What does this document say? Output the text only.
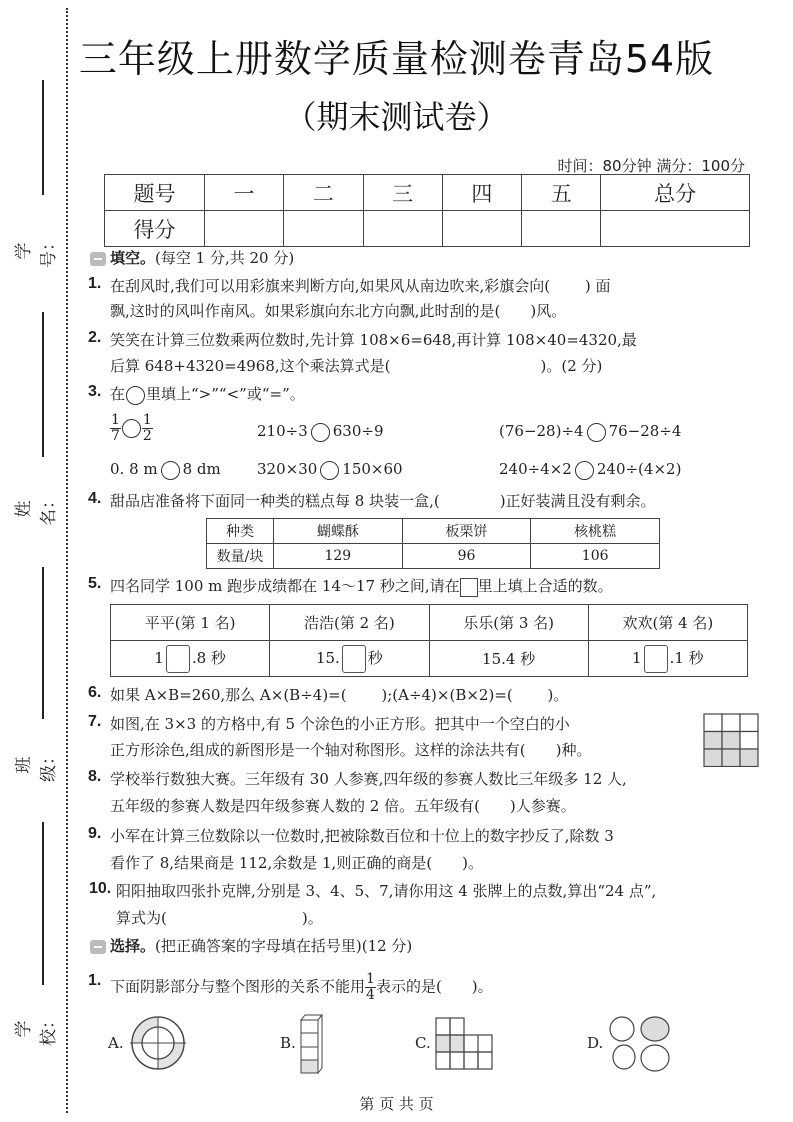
学号：
姓名：
班级：
学校：
三年级上册数学质量检测卷青岛54版
（期末测试卷）
时间：80分钟 满分：100分
题号	一	二	三	四	五	总分
得分						
填空。(每空 1 分,共 20 分)
1. 在刮风时,我们可以用彩旗来判断方向,如果风从南边吹来,彩旗会向(　　 ) 面
飘,这时的风叫作南风。如果彩旗向东北方向飘,此时刮的是(　　)风。
2. 笑笑在计算三位数乘两位数时,先计算 108×6=648,再计算 108×40=4320,最
后算 648+4320=4968,这个乘法算式是(　　　　　　　　　　)。(2 分)
3. 在 里填上“>”“<”或“=”。
$\frac{1}{7} \frac{1}{2}$	210÷3 630÷9	(76−28)÷4 76−28÷4
0. 8 m 8 dm 320×30 150×60	240÷4×2 240÷(4×2)
4. 甜品店准备将下面同一种类的糕点每 8 块装一盒,(　　　　)正好装满且没有剩余。
种类	蝴蝶酥	板栗饼	核桃糕
数量/块	129	96	106
5. 四名同学 100 m 跑步成绩都在 14～17 秒之间,请在 里上填上合适的数。
平平(第 1 名)	浩浩(第 2 名)	乐乐(第 3 名)	欢欢(第 4 名)
1 .8 秒	15. 秒	15.4 秒	1 .1 秒
6. 如果 A×B=260,那么 A×(B÷4)=(　　 );(A÷4)×(B×2)=(　　 )。
7. 如图,在 3×3 的方格中,有 5 个涂色的小正方形。把其中一个空白的小
正方形涂色,组成的新图形是一个轴对称图形。这样的涂法共有(　　)种。
8. 学校举行数独大赛。三年级有 30 人参赛,四年级的参赛人数比三年级多 12 人,
五年级的参赛人数是四年级参赛人数的 2 倍。五年级有(　　)人参赛。
9. 小军在计算三位数除以一位数时,把被除数百位和十位上的数字抄反了,除数 3
看作了 8,结果商是 112,余数是 1,则正确的商是(　　)。
10. 阳阳抽取四张扑克牌,分别是 3、4、5、7,请你用这 4 张牌上的点数,算出“24 点”,
算式为(　　　　　　　　　)。
选择。(把正确答案的字母填在括号里)(12 分)
1. 下面阴影部分与整个图形的关系不能用 $\frac{1}{4}$ 表示的是(　　)。
A.	B.	C.	D.
第 页 共 页
